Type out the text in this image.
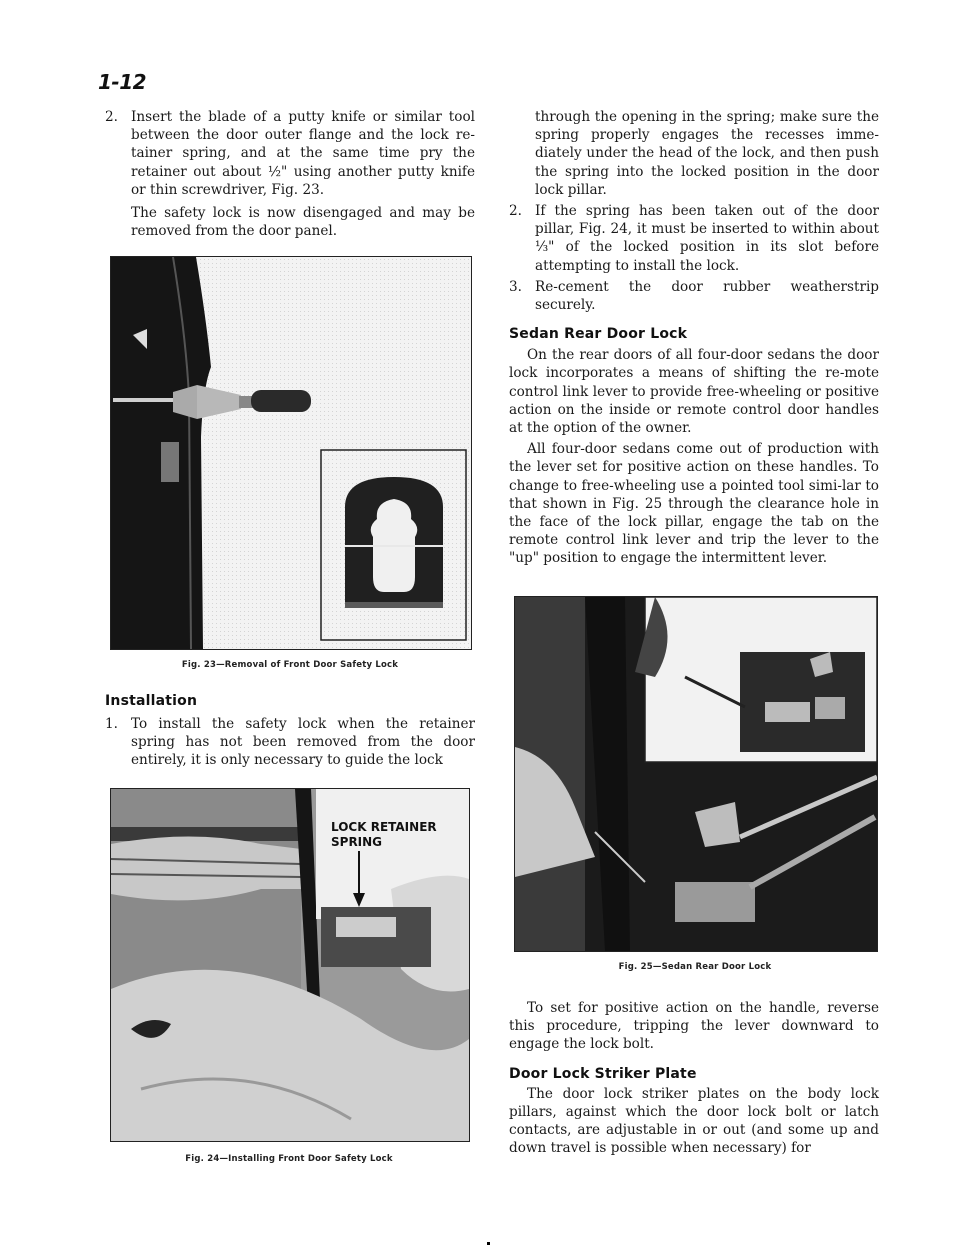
1-12
2. Insert the blade of a putty knife or similar tool between the door outer flange and the lock re-tainer spring, and at the same time pry the retainer out about ½" using another putty knife or thin screwdriver, Fig. 23.

The safety lock is now disengaged and may be removed from the door panel.

Fig. 23—Removal of Front Door Safety Lock
Installation
1. To install the safety lock when the retainer spring has not been removed from the door entirely, it is only necessary to guide the lock
LOCK RETAINER
SPRING
Fig. 24—Installing Front Door Safety Lock

through the opening in the spring; make sure the spring properly engages the recesses imme-diately under the head of the lock, and then push the spring into the locked position in the door lock pillar.

2. If the spring has been taken out of the door pillar, Fig. 24, it must be inserted to within about ⅓" of the locked position in its slot before attempting to install the lock.
3. Re-cement the door rubber weatherstrip securely.
Sedan Rear Door Lock

On the rear doors of all four-door sedans the door lock incorporates a means of shifting the re-mote control link lever to provide free-wheeling or positive action on the inside or remote control door handles at the option of the owner.

All four-door sedans come out of production with the lever set for positive action on these handles. To change to free-wheeling use a pointed tool simi-lar to that shown in Fig. 25 through the clearance hole in the face of the lock pillar, engage the tab on the remote control link lever and trip the lever to the "up" position to engage the intermittent lever.

Fig. 25—Sedan Rear Door Lock

To set for positive action on the handle, reverse this procedure, tripping the lever downward to engage the lock bolt.

Door Lock Striker Plate

The door lock striker plates on the body lock pillars, against which the door lock bolt or latch contacts, are adjustable in or out (and some up and down travel is possible when necessary) for
